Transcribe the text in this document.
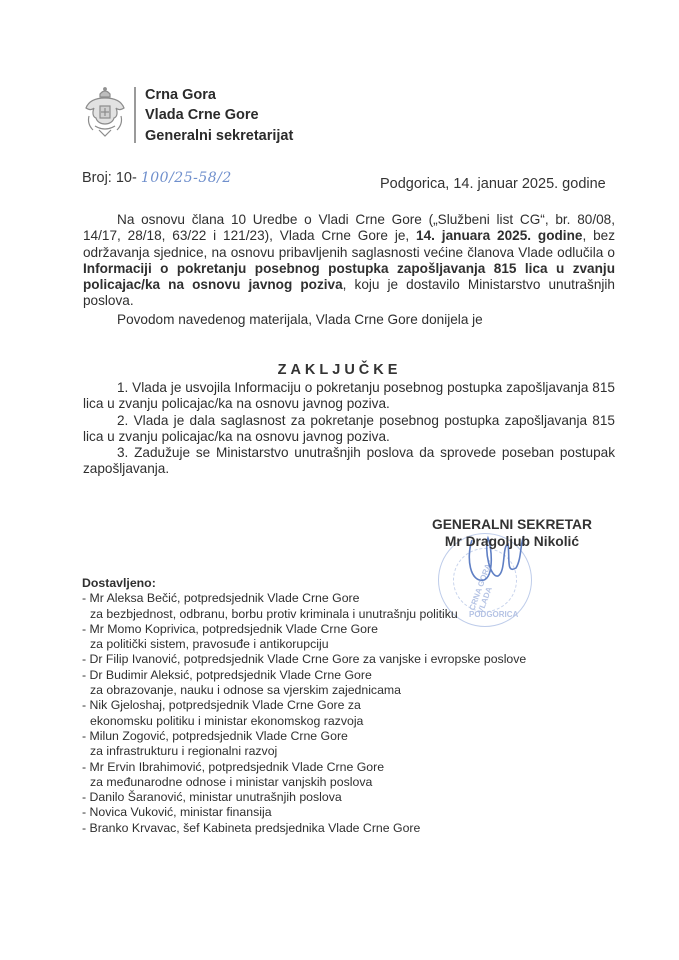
Crna Gora
Vlada Crne Gore
Generalni sekretarijat
Broj: 10- 100/25-58/2	Podgorica, 14. januar 2025. godine
Na osnovu člana 10 Uredbe o Vladi Crne Gore („Službeni list CG“, br. 80/08, 14/17, 28/18, 63/22 i 121/23), Vlada Crne Gore je, 14. januara 2025. godine, bez održavanja sjednice, na osnovu pribavljenih saglasnosti većine članova Vlade odlučila o Informaciji o pokretanju posebnog postupka zapošljavanja 815 lica u zvanju policajac/ka na osnovu javnog poziva, koju je dostavilo Ministarstvo unutrašnjih poslova.
Povodom navedenog materijala, Vlada Crne Gore donijela je
ZAKLJUČKE

1. Vlada je usvojila Informaciju o pokretanju posebnog postupka zapošljavanja 815 lica u zvanju policajac/ka na osnovu javnog poziva.

2. Vlada je dala saglasnost za pokretanje posebnog postupka zapošljavanja 815 lica u zvanju policajac/ka na osnovu javnog poziva.

3. Zadužuje se Ministarstvo unutrašnjih poslova da sprovede poseban postupak zapošljavanja.

CRNA GORA · VLADA
PODGORICA
GENERALNI SEKRETAR
Mr Dragoljub Nikolić
Dostavljeno:
- Mr Aleksa Bečić, potpredsjednik Vlade Crne Gore
za bezbjednost, odbranu, borbu protiv kriminala i unutrašnju politiku
- Mr Momo Koprivica, potpredsjednik Vlade Crne Gore
za politički sistem, pravosuđe i antikorupciju
- Dr Filip Ivanović, potpredsjednik Vlade Crne Gore za vanjske i evropske poslove
- Dr Budimir Aleksić, potpredsjednik Vlade Crne Gore
za obrazovanje, nauku i odnose sa vjerskim zajednicama
- Nik Gjeloshaj, potpredsjednik Vlade Crne Gore za
ekonomsku politiku i ministar ekonomskog razvoja
- Milun Zogović, potpredsjednik Vlade Crne Gore
za infrastrukturu i regionalni razvoj
- Mr Ervin Ibrahimović, potpredsjednik Vlade Crne Gore
za međunarodne odnose i ministar vanjskih poslova
- Danilo Šaranović, ministar unutrašnjih poslova
- Novica Vuković, ministar finansija
- Branko Krvavac, šef Kabineta predsjednika Vlade Crne Gore
